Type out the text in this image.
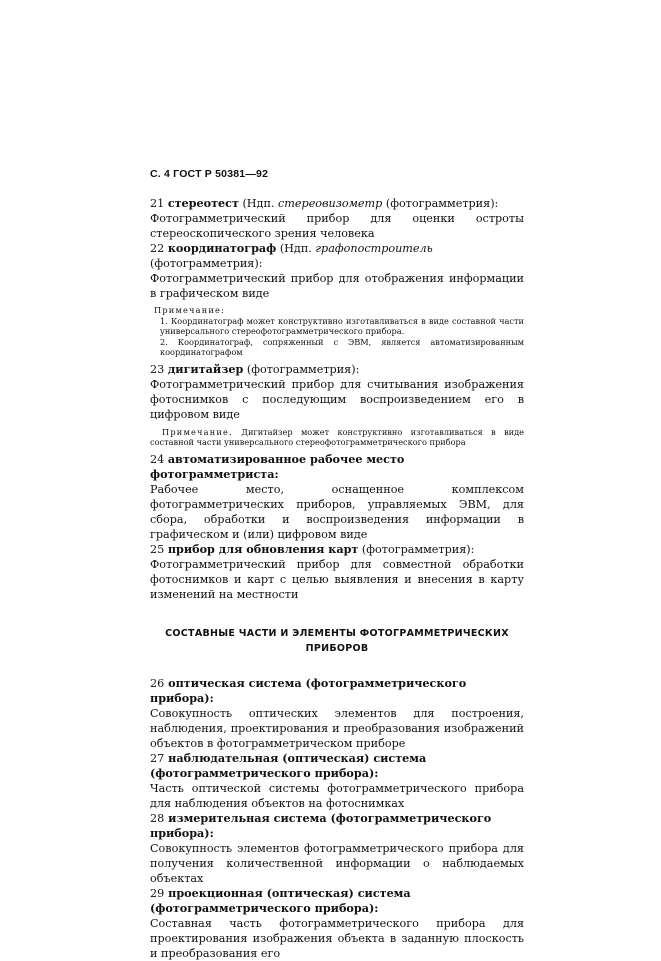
С. 4 ГОСТ Р 50381—92

21 стереотест (Ндп. стереовизометр (фотограмметрия):

Фотограмметрический прибор для оценки остроты стереоскопического зрения человека

22 координатограф (Ндп. графопостроитель (фотограмметрия):

Фотограмметрический прибор для отображения информации в графическом виде

Примечание:
1. Координатограф может конструктивно изготавливаться в виде составной части универсального стереофотограмметрического прибора.
2. Координатограф, сопряженный с ЭВМ, является автоматизированным координатографом

23 дигитайзер (фотограмметрия):

Фотограмметрический прибор для считывания изображения фотоснимков с последующим воспроизведением его в цифровом виде

Примечание. Дигитайзер может конструктивно изготавливаться в виде составной части универсального стереофотограмметрического прибора

24 автоматизированное рабочее место фотограмметриста:

Рабочее место, оснащенное комплексом фотограмметрических приборов, управляемых ЭВМ, для сбора, обработки и воспроизведения информации в графическом и (или) цифровом виде

25 прибор для обновления карт (фотограмметрия):

Фотограмметрический прибор для совместной обработки фотоснимков и карт с целью выявления и внесения в карту изменений на местности

СОСТАВНЫЕ ЧАСТИ И ЭЛЕМЕНТЫ ФОТОГРАММЕТРИЧЕСКИХ ПРИБОРОВ

26 оптическая система (фотограмметрического прибора):

Совокупность оптических элементов для построения, наблюдения, проектирования и преобразования изображений объектов в фотограмметрическом приборе

27 наблюдательная (оптическая) система (фотограмметрического прибора):

Часть оптической системы фотограмметрического прибора для наблюдения объектов на фотоснимках

28 измерительная система (фотограмметрического прибора):

Совокупность элементов фотограмметрического прибора для получения количественной информации о наблюдаемых объектах

29 проекционная (оптическая) система (фотограмметрического прибора):

Составная часть фотограмметрического прибора для проектирования изображения объекта в заданную плоскость и преобразования его
